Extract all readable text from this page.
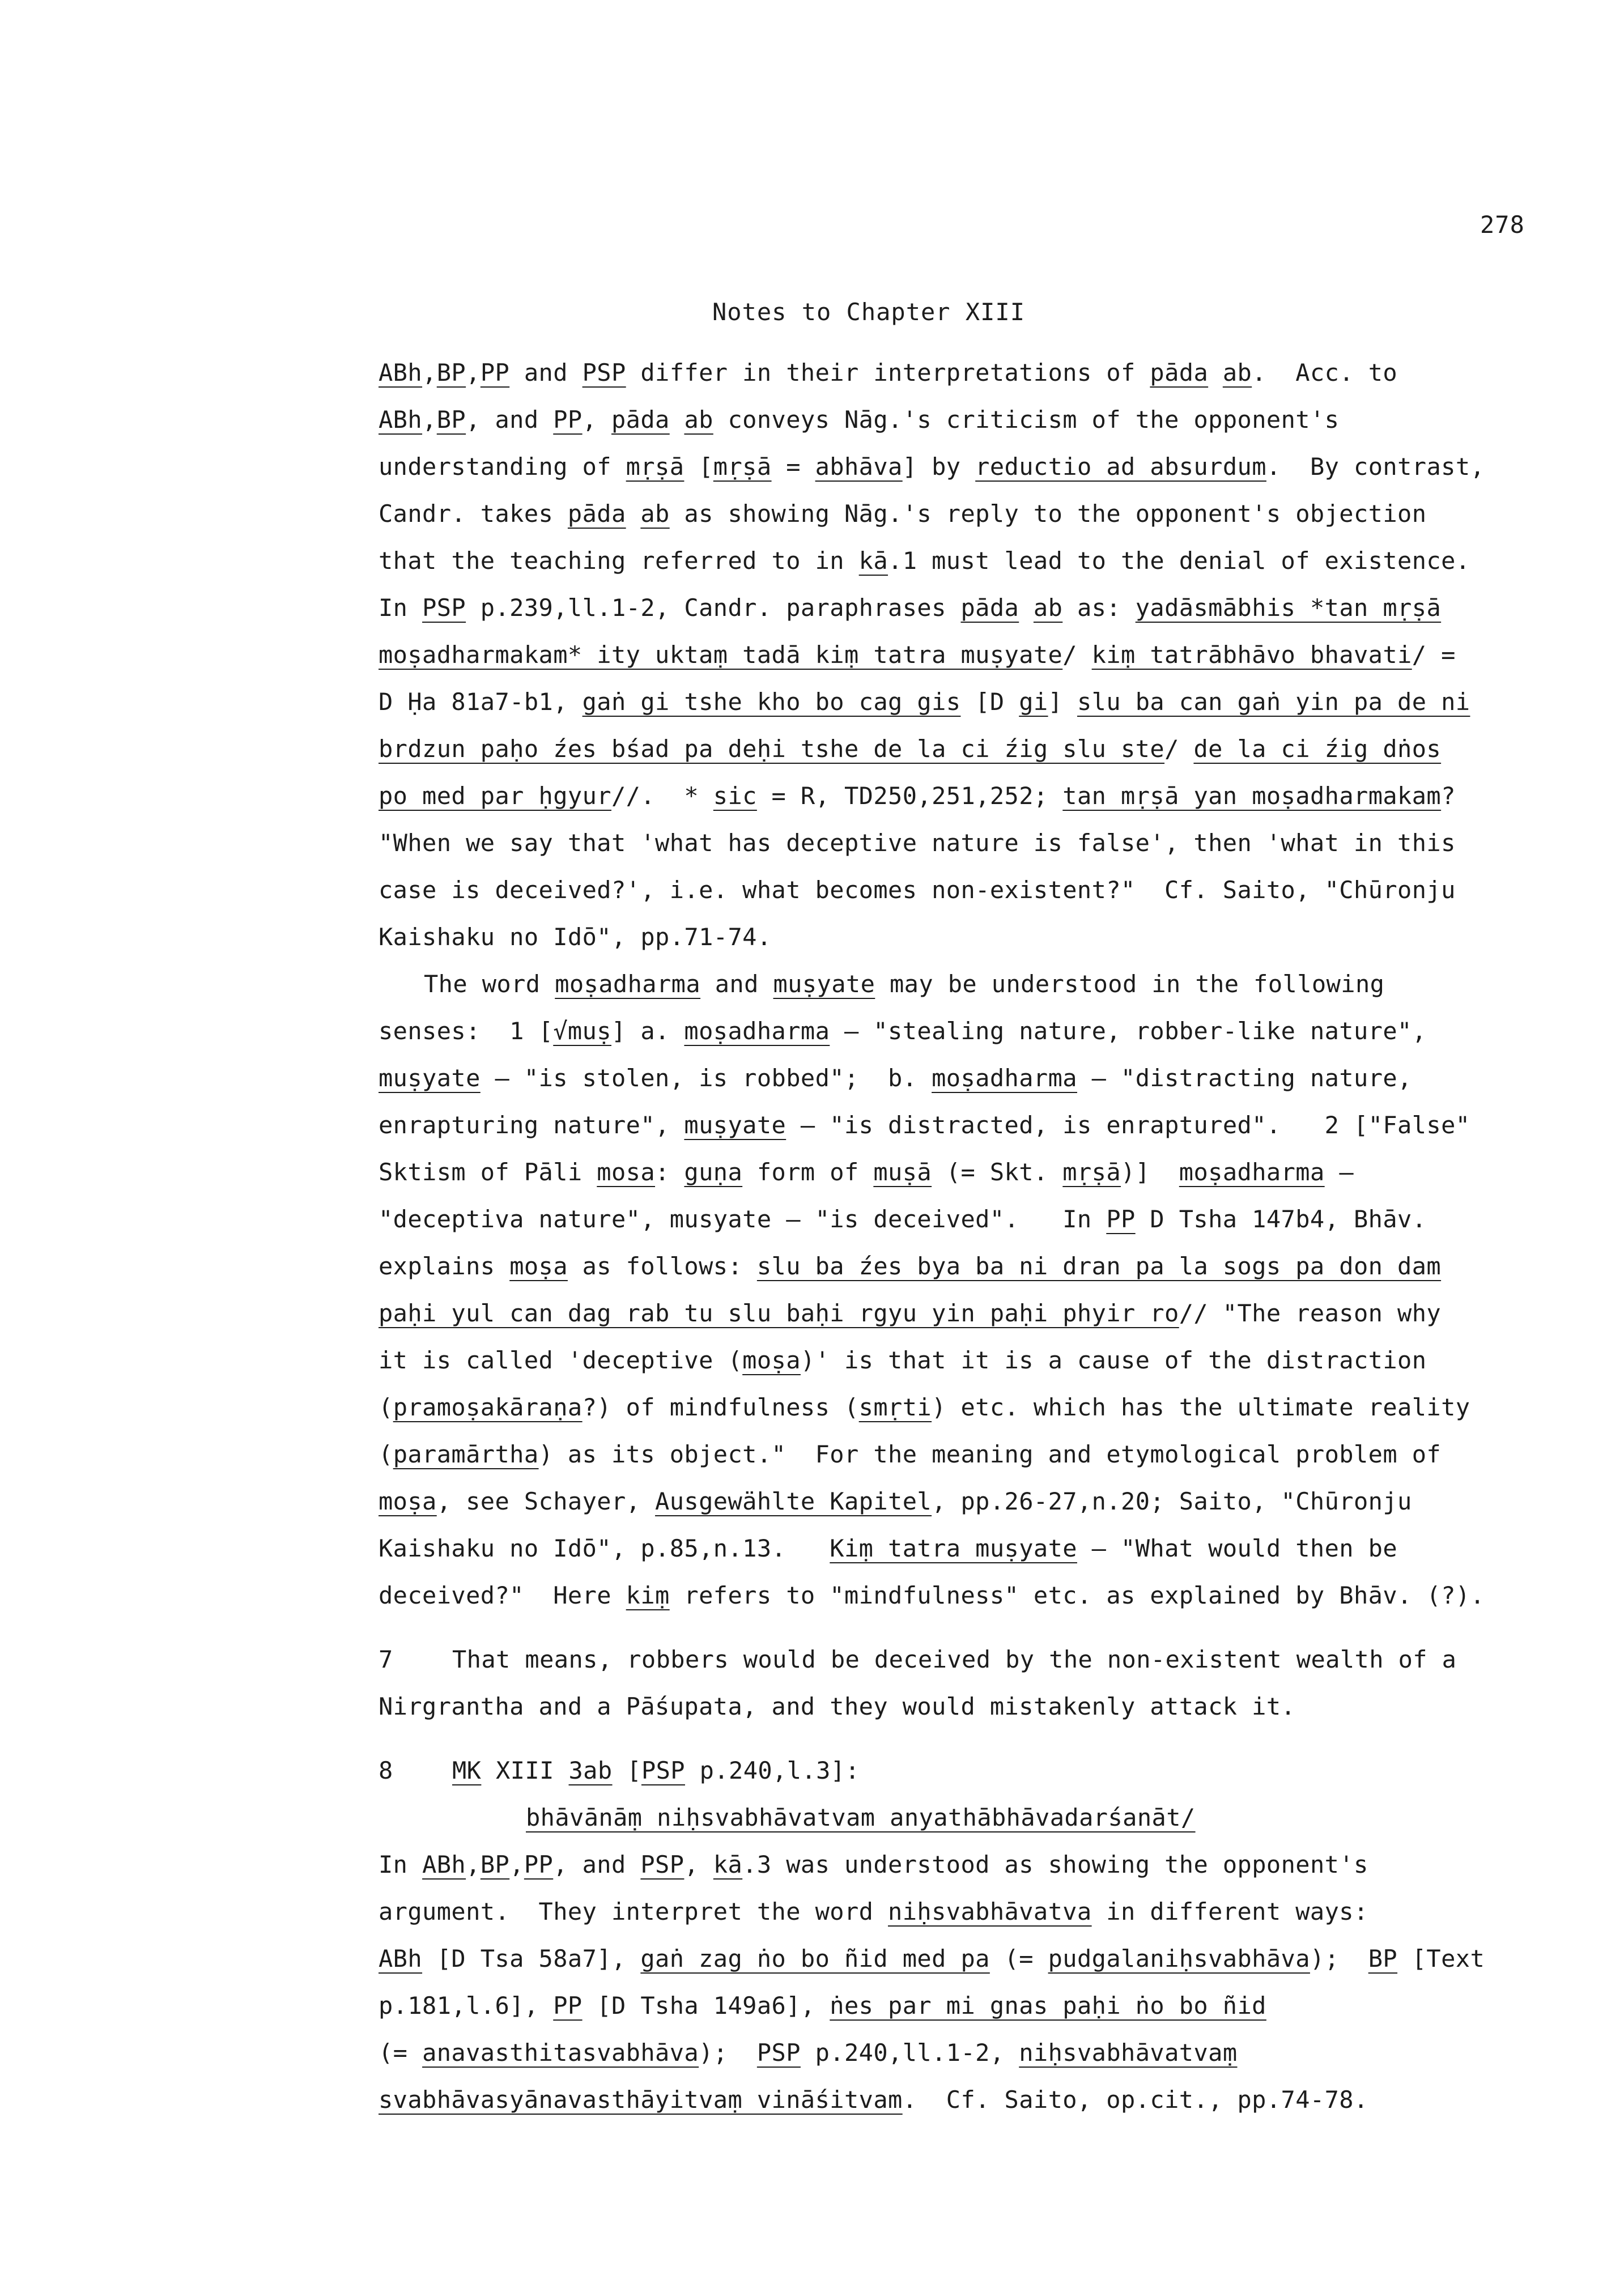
278
Notes to Chapter XIII
ABh,BP,PP and PSP differ in their interpretations of pāda ab.  Acc. to
ABh,BP, and PP, pāda ab conveys Nāg.'s criticism of the opponent's
understanding of mṛṣā [mṛṣā = abhāva] by reductio ad absurdum.  By contrast,
Candr. takes pāda ab as showing Nāg.'s reply to the opponent's objection
that the teaching referred to in kā.1 must lead to the denial of existence.
In PSP p.239,ll.1-2, Candr. paraphrases pāda ab as: yadāsmābhis *tan mṛṣā
moṣadharmakam* ity uktaṃ tadā kiṃ tatra muṣyate/ kiṃ tatrābhāvo bhavati/ =
D Ḥa 81a7-b1, gaṅ gi tshe kho bo cag gis [D gi] slu ba can gaṅ yin pa de ni
brdzun paḥo źes bśad pa deḥi tshe de la ci źig slu ste/ de la ci źig dṅos
po med par ḥgyur//.  * sic = R, TD250,251,252; tan mṛṣā yan moṣadharmakam?
"When we say that 'what has deceptive nature is false', then 'what in this
case is deceived?', i.e. what becomes non-existent?"  Cf. Saito, "Chūronju
Kaishaku no Idō", pp.71-74.
The word moṣadharma and muṣyate may be understood in the following
senses:  1 [√muṣ] a. moṣadharma — "stealing nature, robber-like nature",
muṣyate — "is stolen, is robbed";  b. moṣadharma — "distracting nature,
enrapturing nature", muṣyate — "is distracted, is enraptured".   2 ["False"
Sktism of Pāli mosa: guṇa form of muṣā (= Skt. mṛṣā)]  moṣadharma —
"deceptiva nature", musyate — "is deceived".   In PP D Tsha 147b4, Bhāv.
explains moṣa as follows: slu ba źes bya ba ni dran pa la sogs pa don dam
paḥi yul can dag rab tu slu baḥi rgyu yin paḥi phyir ro// "The reason why
it is called 'deceptive (moṣa)' is that it is a cause of the distraction
(pramoṣakāraṇa?) of mindfulness (smṛti) etc. which has the ultimate reality
(paramārtha) as its object."  For the meaning and etymological problem of
moṣa, see Schayer, Ausgewählte Kapitel, pp.26-27,n.20; Saito, "Chūronju
Kaishaku no Idō", p.85,n.13.   Kiṃ tatra muṣyate — "What would then be
deceived?"  Here kiṃ refers to "mindfulness" etc. as explained by Bhāv. (?).
7 That means, robbers would be deceived by the non-existent wealth of a
Nirgrantha and a Pāśupata, and they would mistakenly attack it.
8 MK XIII 3ab [PSP p.240,l.3]:
bhāvānāṃ niḥsvabhāvatvam anyathābhāvadarśanāt/
In ABh,BP,PP, and PSP, kā.3 was understood as showing the opponent's
argument.  They interpret the word niḥsvabhāvatva in different ways:
ABh [D Tsa 58a7], gaṅ zag ṅo bo ñid med pa (= pudgalaniḥsvabhāva);  BP [Text
p.181,l.6], PP [D Tsha 149a6], ṅes par mi gnas paḥi ṅo bo ñid
(= anavasthitasvabhāva);  PSP p.240,ll.1-2, niḥsvabhāvatvaṃ
svabhāvasyānavasthāyitvaṃ vināśitvam.  Cf. Saito, op.cit., pp.74-78.
